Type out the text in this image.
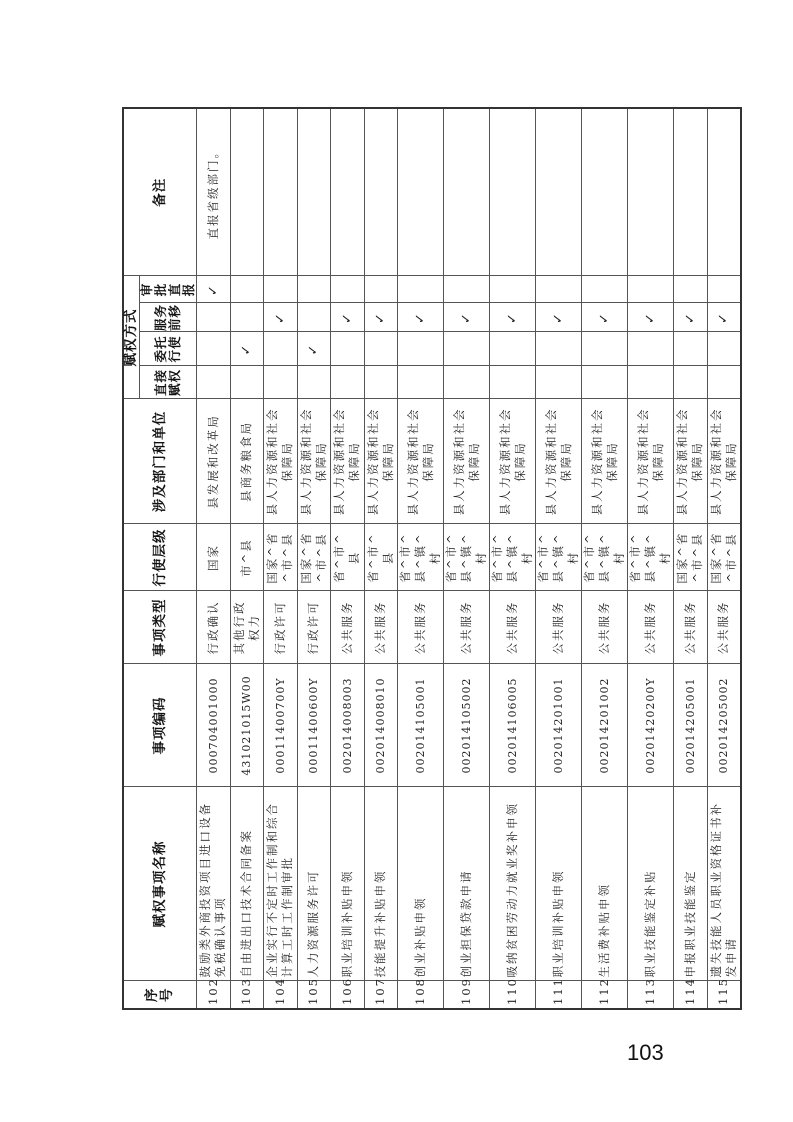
序号	赋权事项名称	事项编码	事项类型	行使层级	涉及部门和单位	赋权方式				备注
						直接赋权	委托行使	服务前移	审批直报	
102	鼓励类外商投资项目进口设备免税确认事项	000704001000	行政确认	国家	县发展和改革局				✓	直报省级部门。
103	自由进出口技术合同备案	431021015W00	其他行政权力	市^县	县商务粮食局		✓			
104	企业实行不定时工作制和综合计算工时工作制审批	00011400700Y	行政许可	国家^省^市^县	县人力资源和社会保障局			✓		
105	人力资源服务许可	00011400600Y	行政许可	国家^省^市^县	县人力资源和社会保障局		✓			
106	职业培训补贴申领	002014008003	公共服务	省^市^县	县人力资源和社会保障局			✓		
107	技能提升补贴申领	002014008010	公共服务	省^市^县	县人力资源和社会保障局			✓		
108	创业补贴申领	002014105001	公共服务	省^市^县^镇^村	县人力资源和社会保障局			✓		
109	创业担保贷款申请	002014105002	公共服务	省^市^县^镇^村	县人力资源和社会保障局			✓		
110	吸纳贫困劳动力就业奖补申领	002014106005	公共服务	省^市^县^镇^村	县人力资源和社会保障局			✓		
111	职业培训补贴申领	002014201001	公共服务	省^市^县^镇^村	县人力资源和社会保障局			✓		
112	生活费补贴申领	002014201002	公共服务	省^市^县^镇^村	县人力资源和社会保障局			✓		
113	职业技能鉴定补贴	00201420200Y	公共服务	省^市^县^镇^村	县人力资源和社会保障局			✓		
114	申报职业技能鉴定	002014205001	公共服务	国家^省^市^县	县人力资源和社会保障局			✓		
115	遗失技能人员职业资格证书补发申请	002014205002	公共服务	国家^省^市^县	县人力资源和社会保障局			✓		
103
